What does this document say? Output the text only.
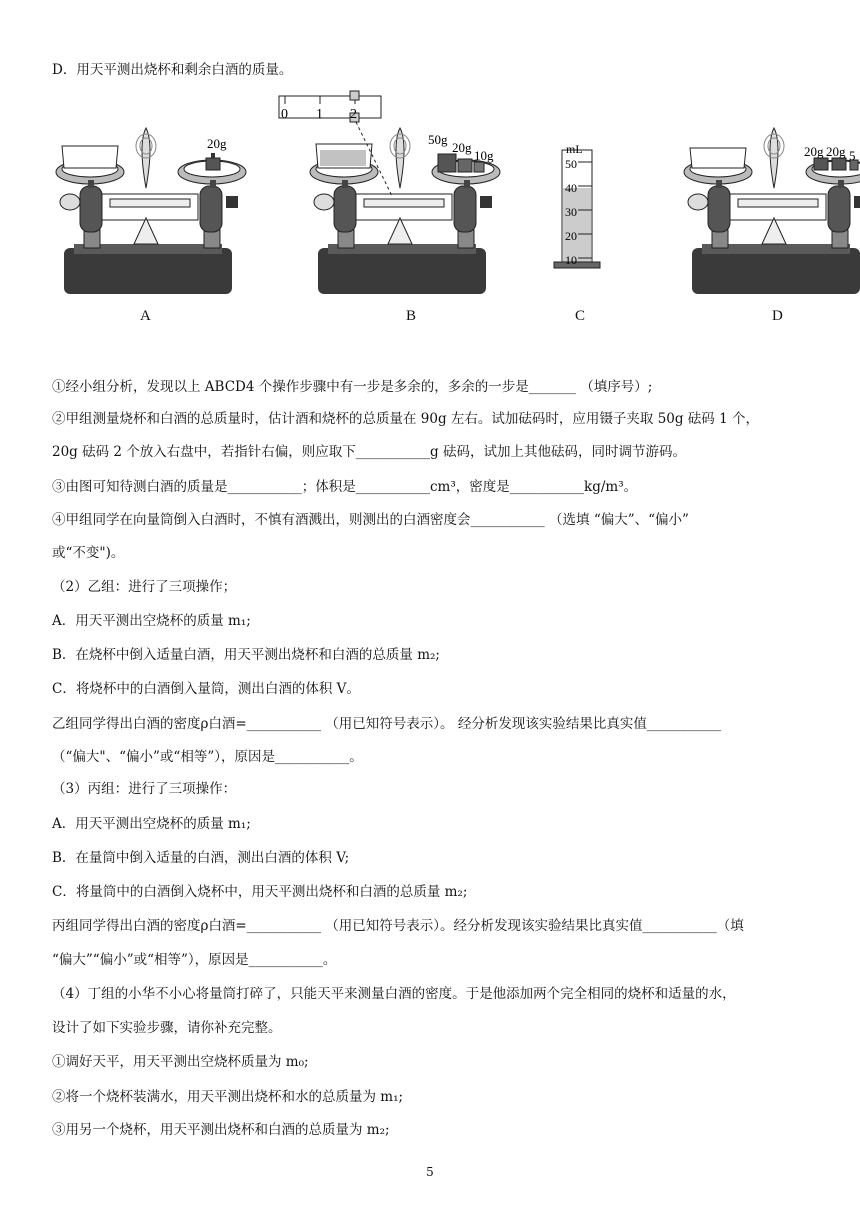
D．用天平测出烧杯和剩余白酒的质量。
20g	50g
20g
10g
0 1 2
mL
50
40
30
20
10
20g 20g 5
A	B	C	D
①经小组分析，发现以上 ABCD4 个操作步骤中有一步是多余的，多余的一步是_______ （填序号）;
②甲组测量烧杯和白酒的总质量时，估计酒和烧杯的总质量在 90g 左右。试加砝码时，应用镊子夹取 50g 砝码 1 个，
20g 砝码 2 个放入右盘中，若指针右偏，则应取下___________g 砝码，试加上其他砝码，同时调节游码。
③由图可知待测白酒的质量是___________；体积是___________cm³，密度是___________kg/m³。
④甲组同学在向量筒倒入白酒时，不慎有酒溅出，则测出的白酒密度会___________ （选填 “偏大”、“偏小”
或“不变")。
（2）乙组：进行了三项操作；
A．用天平测出空烧杯的质量 m₁;
B．在烧杯中倒入适量白酒，用天平测出烧杯和白酒的总质量 m₂;
C．将烧杯中的白酒倒入量筒，测出白酒的体积 V。
乙组同学得出白酒的密度ρ白酒=___________ （用已知符号表示）。 经分析发现该实验结果比真实值___________
（“偏大"、“偏小”或“相等”），原因是___________。
（3）丙组：进行了三项操作：
A．用天平测出空烧杯的质量 m₁;
B．在量筒中倒入适量的白酒，测出白酒的体积 V;
C．将量筒中的白酒倒入烧杯中，用天平测出烧杯和白酒的总质量 m₂;
丙组同学得出白酒的密度ρ白酒=___________ （用已知符号表示）。经分析发现该实验结果比真实值___________（填
“偏大”“偏小”或“相等”），原因是___________。
（4）丁组的小华不小心将量筒打碎了，只能天平来测量白酒的密度。于是他添加两个完全相同的烧杯和适量的水，
设计了如下实验步骤，请你补充完整。
①调好天平，用天平测出空烧杯质量为 m₀;
②将一个烧杯装满水，用天平测出烧杯和水的总质量为 m₁;
③用另一个烧杯，用天平测出烧杯和白酒的总质量为 m₂;
5
